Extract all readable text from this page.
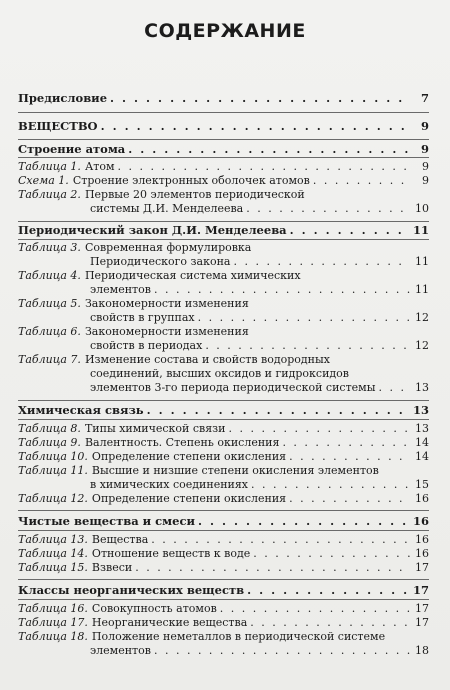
СОДЕРЖАНИЕ
Предисловие . . .	7
ВЕЩЕСТВО . . .	9
Строение атома . . .	9
Таблица 1. Атом . . .	9
Схема 1. Строение электронных оболочек атомов . . .	9
Таблица 2. Первые 20 элементов периодической
системы Д.И. Менделеева . . .	10
Периодический закон Д.И. Менделеева . . .	11
Таблица 3. Современная формулировка
Периодического закона . . .	11
Таблица 4. Периодическая система химических
элементов . . .	11
Таблица 5. Закономерности изменения
свойств в группах . . .	12
Таблица 6. Закономерности изменения
свойств в периодах . . .	12
Таблица 7. Изменение состава и свойств водородных
соединений, высших оксидов и гидроксидов
элементов 3-го периода периодической системы . . .	13
Химическая связь . . .	13
Таблица 8. Типы химической связи . . .	13
Таблица 9. Валентность. Степень окисления . . .	14
Таблица 10. Определение степени окисления . . .	14
Таблица 11. Высшие и низшие степени окисления элементов
в химических соединениях . . .	15
Таблица 12. Определение степени окисления . . .	16
Чистые вещества и смеси . . .	16
Таблица 13. Вещества . . .	16
Таблица 14. Отношение веществ к воде . . .	16
Таблица 15. Взвеси . . .	17
Классы неорганических веществ . . .	17
Таблица 16. Совокупность атомов . . .	17
Таблица 17. Неорганические вещества . . .	17
Таблица 18. Положение неметаллов в периодической системе
элементов . . .	18
